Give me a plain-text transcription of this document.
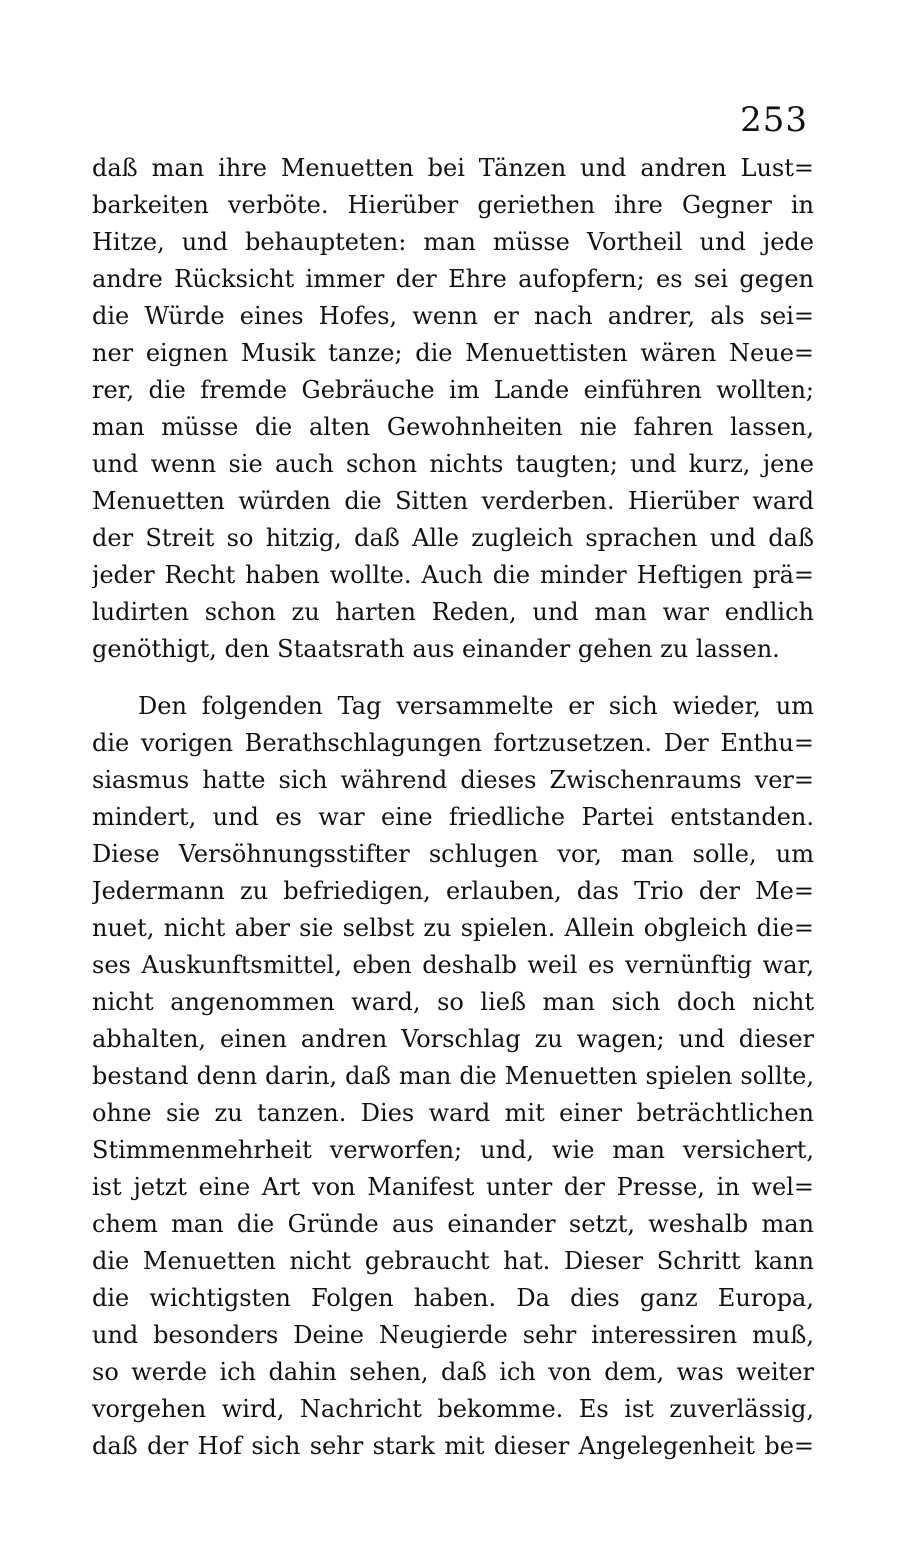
253

daß man ihre Menuetten bei Tänzen und andren Lust=
barkeiten verböte. Hierüber geriethen ihre Gegner in
Hitze, und behaupteten: man müsse Vortheil und jede
andre Rücksicht immer der Ehre aufopfern; es sei gegen
die Würde eines Hofes, wenn er nach andrer, als sei=
ner eignen Musik tanze; die Menuettisten wären Neue=
rer, die fremde Gebräuche im Lande einführen wollten;
man müsse die alten Gewohnheiten nie fahren lassen,
und wenn sie auch schon nichts taugten; und kurz, jene
Menuetten würden die Sitten verderben. Hierüber ward
der Streit so hitzig, daß Alle zugleich sprachen und daß
jeder Recht haben wollte. Auch die minder Heftigen prä=
ludirten schon zu harten Reden, und man war endlich
genöthigt, den Staatsrath aus einander gehen zu lassen.

Den folgenden Tag versammelte er sich wieder, um
die vorigen Berathschlagungen fortzusetzen. Der Enthu=
siasmus hatte sich während dieses Zwischenraums ver=
mindert, und es war eine friedliche Partei entstanden.
Diese Versöhnungsstifter schlugen vor, man solle, um
Jedermann zu befriedigen, erlauben, das Trio der Me=
nuet, nicht aber sie selbst zu spielen. Allein obgleich die=
ses Auskunftsmittel, eben deshalb weil es vernünftig war,
nicht angenommen ward, so ließ man sich doch nicht
abhalten, einen andren Vorschlag zu wagen; und dieser
bestand denn darin, daß man die Menuetten spielen sollte,
ohne sie zu tanzen. Dies ward mit einer beträchtlichen
Stimmenmehrheit verworfen; und, wie man versichert,
ist jetzt eine Art von Manifest unter der Presse, in wel=
chem man die Gründe aus einander setzt, weshalb man
die Menuetten nicht gebraucht hat. Dieser Schritt kann
die wichtigsten Folgen haben. Da dies ganz Europa,
und besonders Deine Neugierde sehr interessiren muß,
so werde ich dahin sehen, daß ich von dem, was weiter
vorgehen wird, Nachricht bekomme. Es ist zuverlässig,
daß der Hof sich sehr stark mit dieser Angelegenheit be=
